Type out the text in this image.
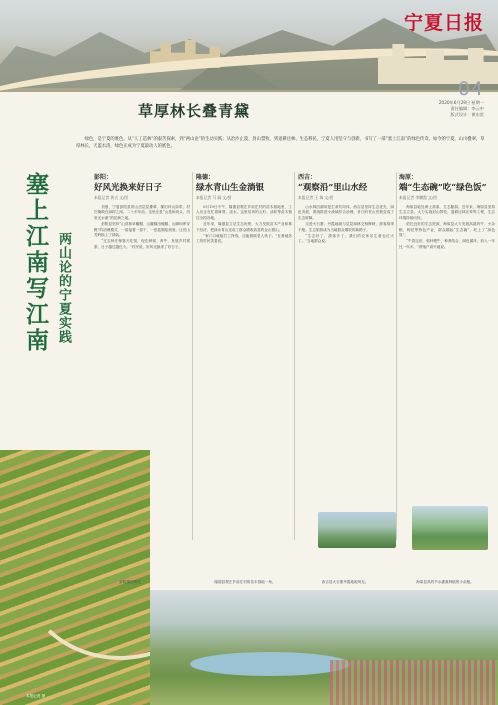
宁夏日报
04
2020年6月29日 星期一
责任编辑：李云中
版式设计：黄东雷
草厚林长叠青黛
绿色，是宁夏的底色。从“人工造林”的艰苦探索，到“两山论”的生动实践；从治沙止漠、封山禁牧，到退耕还林、生态移民，宁夏人用坚守与创新，书写了一部“塞上江南”的绿色传奇。如今的宁夏，山川叠翠，草厚林长，天蓝水清，绿色正成为宁夏最动人的底色。
塞上江南写江南 两山论的宁夏实践
彭阳：
好风光换来好日子
本报记者 黄吉 文/图

初夏，宁夏彭阳县的山峦层层叠翠，梯田环山如带，村庄掩映在绿树之间。二十多年前，这里还是“山是和尚头，沟里无水流”的贫瘠之地。

彭阳县坚持“山顶林草戴帽、山腰梯田缠腰、山脚坝库穿靴”的治理模式，一届接着一届干，一张蓝图绘到底，让荒山秃岭换上了绿装。

“过去种庄稼靠天吃饭，现在种树、养牛、发展乡村旅游，日子越过越红火。”村民说，好风光换来了好日子。

隆德：
绿水青山生金淌银
本报记者 马 缅 文/图

6月19日中午，隆德县观庄乡前庄村的苗木基地里，工人们正在忙着修剪、浇水。这里培育的云杉、油松等苗木销往全国各地。

近年来，隆德县立足生态优势，大力发展苗木产业和林下经济，把绿水青山变成了群众增收致富的金山银山。

“家门口就能打工挣钱，还能照顾老人孩子。”在基地务工的村民笑着说。

西吉：
“观察沿”里山水经
本报记者 王 瑞 文/图

山水林田湖草是生命共同体。西吉县坚持生态优先、绿色发展，系统推进小流域综合治理，昔日的荒山荒坡变成了生态屏障。

走进火石寨，丹霞地貌与层层绿林交相辉映，游客络绎不绝。生态旅游成为当地群众增收的新路子。

“生态好了，游客多了，我们的农家乐生意也红火了。”当地群众说。

海原：
端“生态碗”吃“绿色饭”
本报记者 李鹏霞 文/图

海原县地处黄土高原，生态脆弱。近年来，海原县坚持生态立县，大力实施封山禁牧、退耕还林还草等工程，生态环境持续向好。

依托良好的生态资源，海原县大力发展高端肉牛、小杂粮、枸杞等特色产业，群众端起“生态碗”，吃上了“绿色饭”。

“牛粪还田、秸秆喂牛，种养结合，绿色循环，收入一年比一年多。”养殖户高兴地说。

彭阳梯田风光	隆德县观庄乡前庄村的苗木基地一角。	西吉县火石寨丹霞地貌风光。	海原县高效节水灌溉种植的小杂粮。
本报记者 摄
